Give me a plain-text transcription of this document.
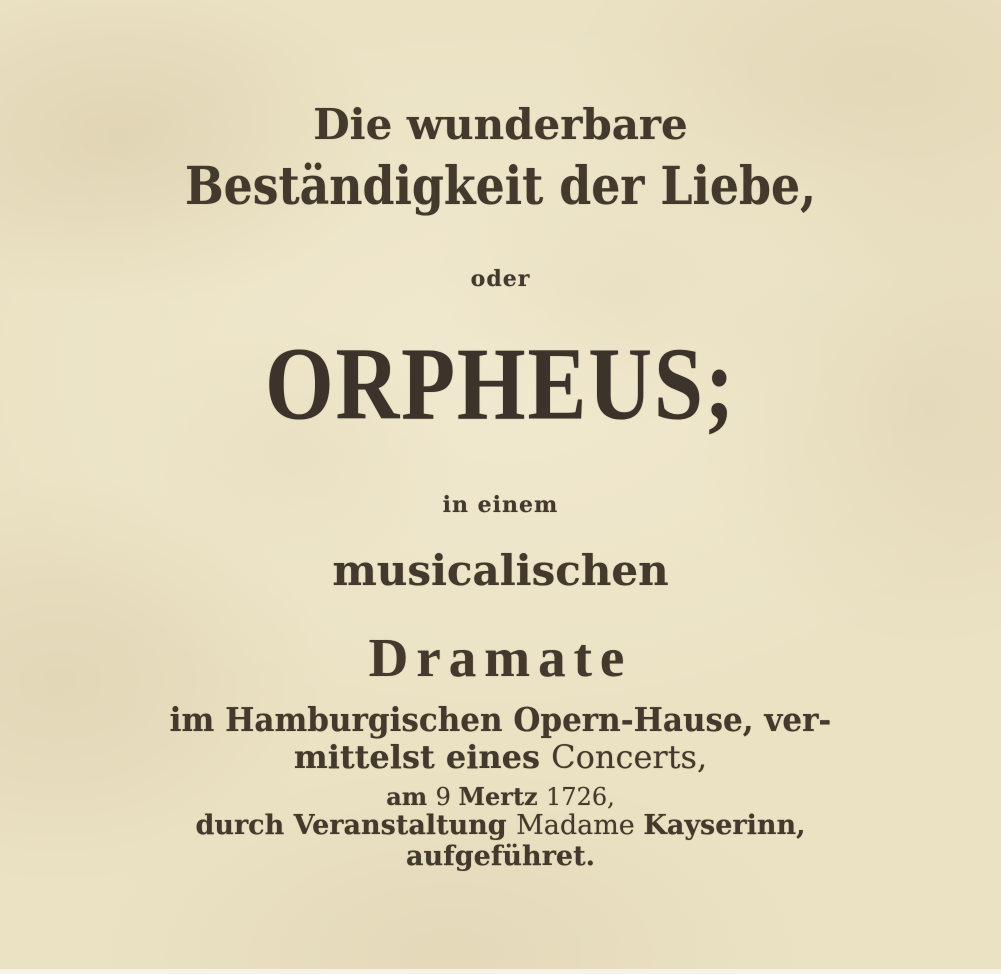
Die wunderbare
Beständigkeit der Liebe,
oder
ORPHEUS;
in einem
musicalischen
Dramate
im Hamburgischen Opern-Hause, ver-
mittelst eines Concerts,
am 9 Mertz 1726,
durch Veranstaltung Madame Kayserinn,
aufgeführet.
